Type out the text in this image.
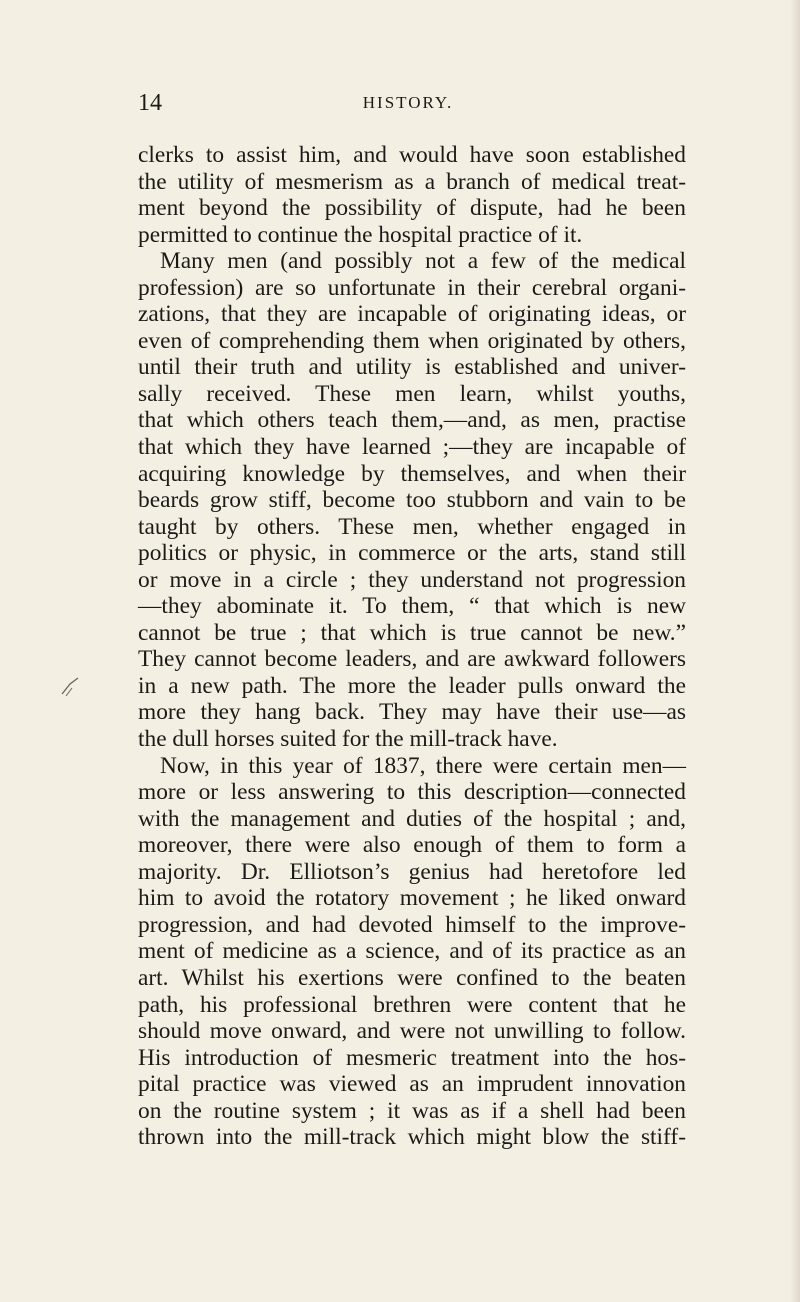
14	HISTORY.
clerks to assist him, and would have soon established
the utility of mesmerism as a branch of medical treat-
ment beyond the possibility of dispute, had he been
permitted to continue the hospital practice of it.
Many men (and possibly not a few of the medical
profession) are so unfortunate in their cerebral organi-
zations, that they are incapable of originating ideas, or
even of comprehending them when originated by others,
until their truth and utility is established and univer-
sally received. These men learn, whilst youths,
that which others teach them,—and, as men, practise
that which they have learned ;—they are incapable of
acquiring knowledge by themselves, and when their
beards grow stiff, become too stubborn and vain to be
taught by others. These men, whether engaged in
politics or physic, in commerce or the arts, stand still
or move in a circle ; they understand not progression
—they abominate it. To them, “ that which is new
cannot be true ; that which is true cannot be new.”
They cannot become leaders, and are awkward followers
in a new path. The more the leader pulls onward the
more they hang back. They may have their use—as
the dull horses suited for the mill-track have.
Now, in this year of 1837, there were certain men—
more or less answering to this description—connected
with the management and duties of the hospital ; and,
moreover, there were also enough of them to form a
majority. Dr. Elliotson’s genius had heretofore led
him to avoid the rotatory movement ; he liked onward
progression, and had devoted himself to the improve-
ment of medicine as a science, and of its practice as an
art. Whilst his exertions were confined to the beaten
path, his professional brethren were content that he
should move onward, and were not unwilling to follow.
His introduction of mesmeric treatment into the hos-
pital practice was viewed as an imprudent innovation
on the routine system ; it was as if a shell had been
thrown into the mill-track which might blow the stiff-
